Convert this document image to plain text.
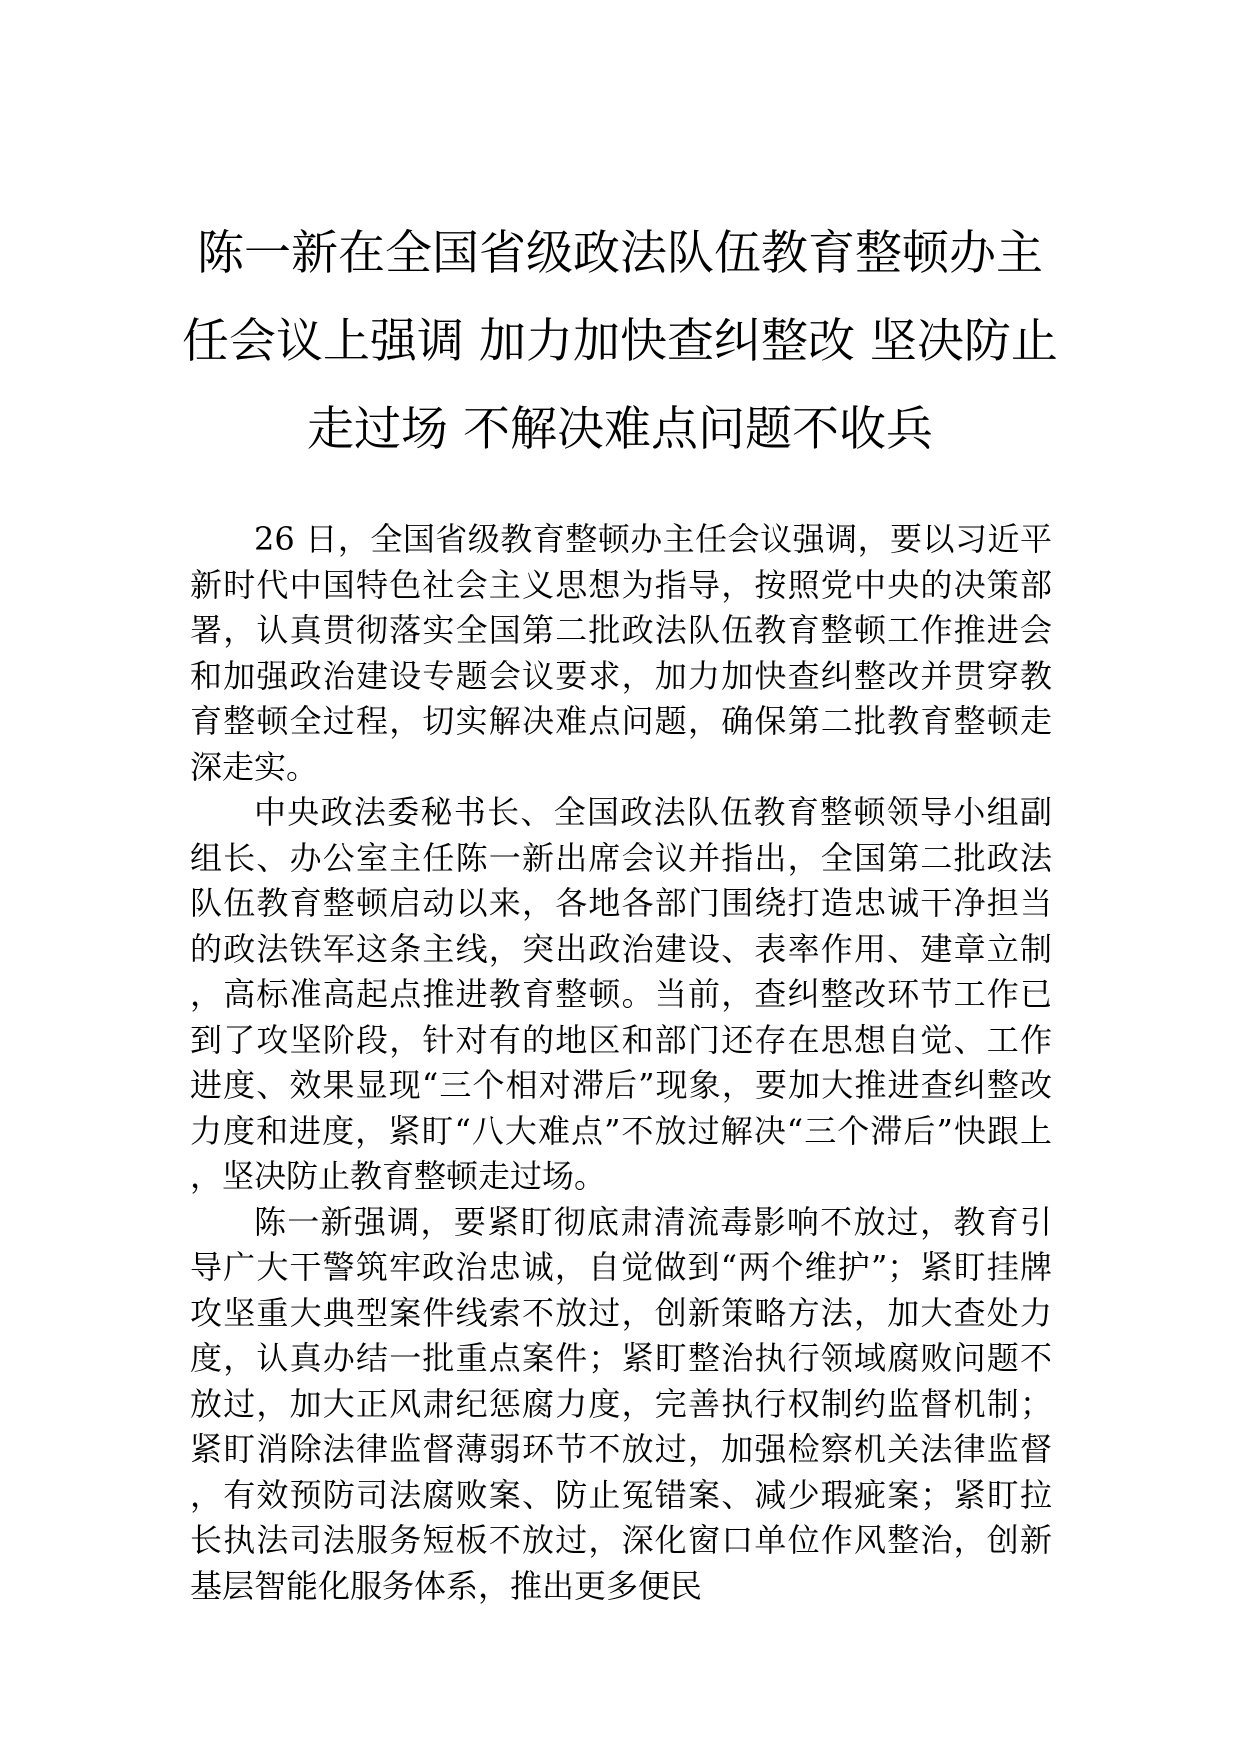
陈一新在全国省级政法队伍教育整顿办主
任会议上强调 加力加快查纠整改 坚决防止
走过场 不解决难点问题不收兵

26 日，全国省级教育整顿办主任会议强调，要以习近平新时代中国特色社会主义思想为指导，按照党中央的决策部署，认真贯彻落实全国第二批政法队伍教育整顿工作推进会和加强政治建设专题会议要求，加力加快查纠整改并贯穿教育整顿全过程，切实解决难点问题，确保第二批教育整顿走深走实。

中央政法委秘书长、全国政法队伍教育整顿领导小组副组长、办公室主任陈一新出席会议并指出，全国第二批政法队伍教育整顿启动以来，各地各部门围绕打造忠诚干净担当的政法铁军这条主线，突出政治建设、表率作用、建章立制，高标准高起点推进教育整顿。当前，查纠整改环节工作已到了攻坚阶段，针对有的地区和部门还存在思想自觉、工作进度、效果显现“三个相对滞后”现象，要加大推进查纠整改力度和进度，紧盯“八大难点”不放过解决“三个滞后”快跟上，坚决防止教育整顿走过场。

陈一新强调，要紧盯彻底肃清流毒影响不放过，教育引导广大干警筑牢政治忠诚，自觉做到“两个维护”；紧盯挂牌攻坚重大典型案件线索不放过，创新策略方法，加大查处力度，认真办结一批重点案件；紧盯整治执行领域腐败问题不放过，加大正风肃纪惩腐力度，完善执行权制约监督机制；紧盯消除法律监督薄弱环节不放过，加强检察机关法律监督，有效预防司法腐败案、防止冤错案、减少瑕疵案；紧盯拉长执法司法服务短板不放过，深化窗口单位作风整治，创新基层智能化服务体系，推出更多便民
